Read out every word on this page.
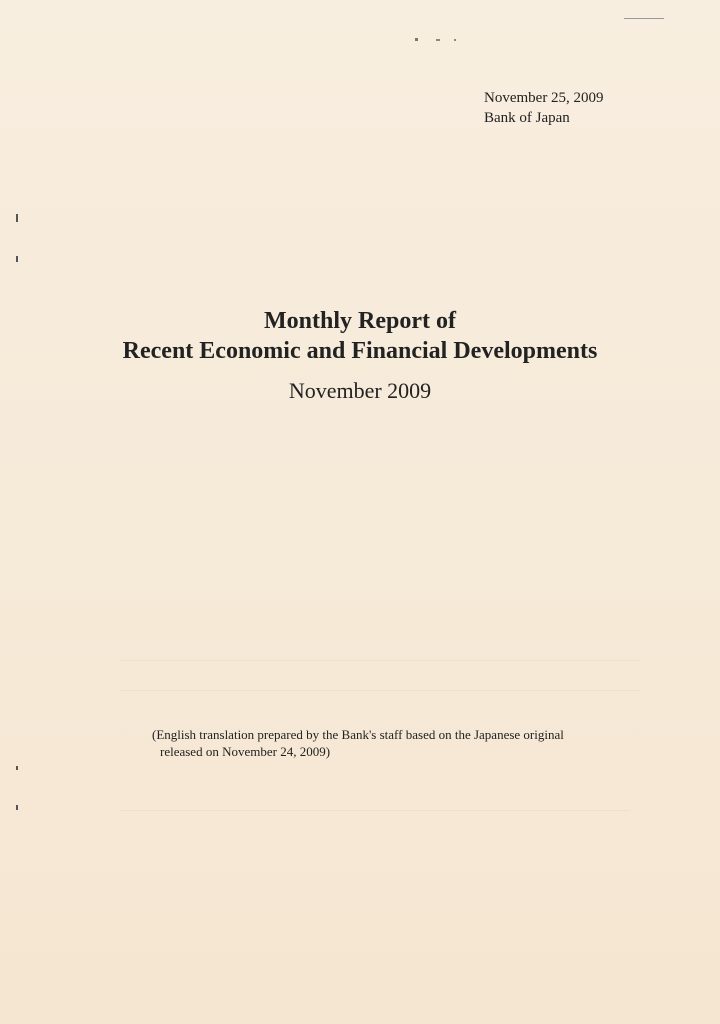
November 25, 2009
Bank of Japan
Monthly Report of
Recent Economic and Financial Developments
November 2009
(English translation prepared by the Bank's staff based on the Japanese original
released on November 24, 2009)
